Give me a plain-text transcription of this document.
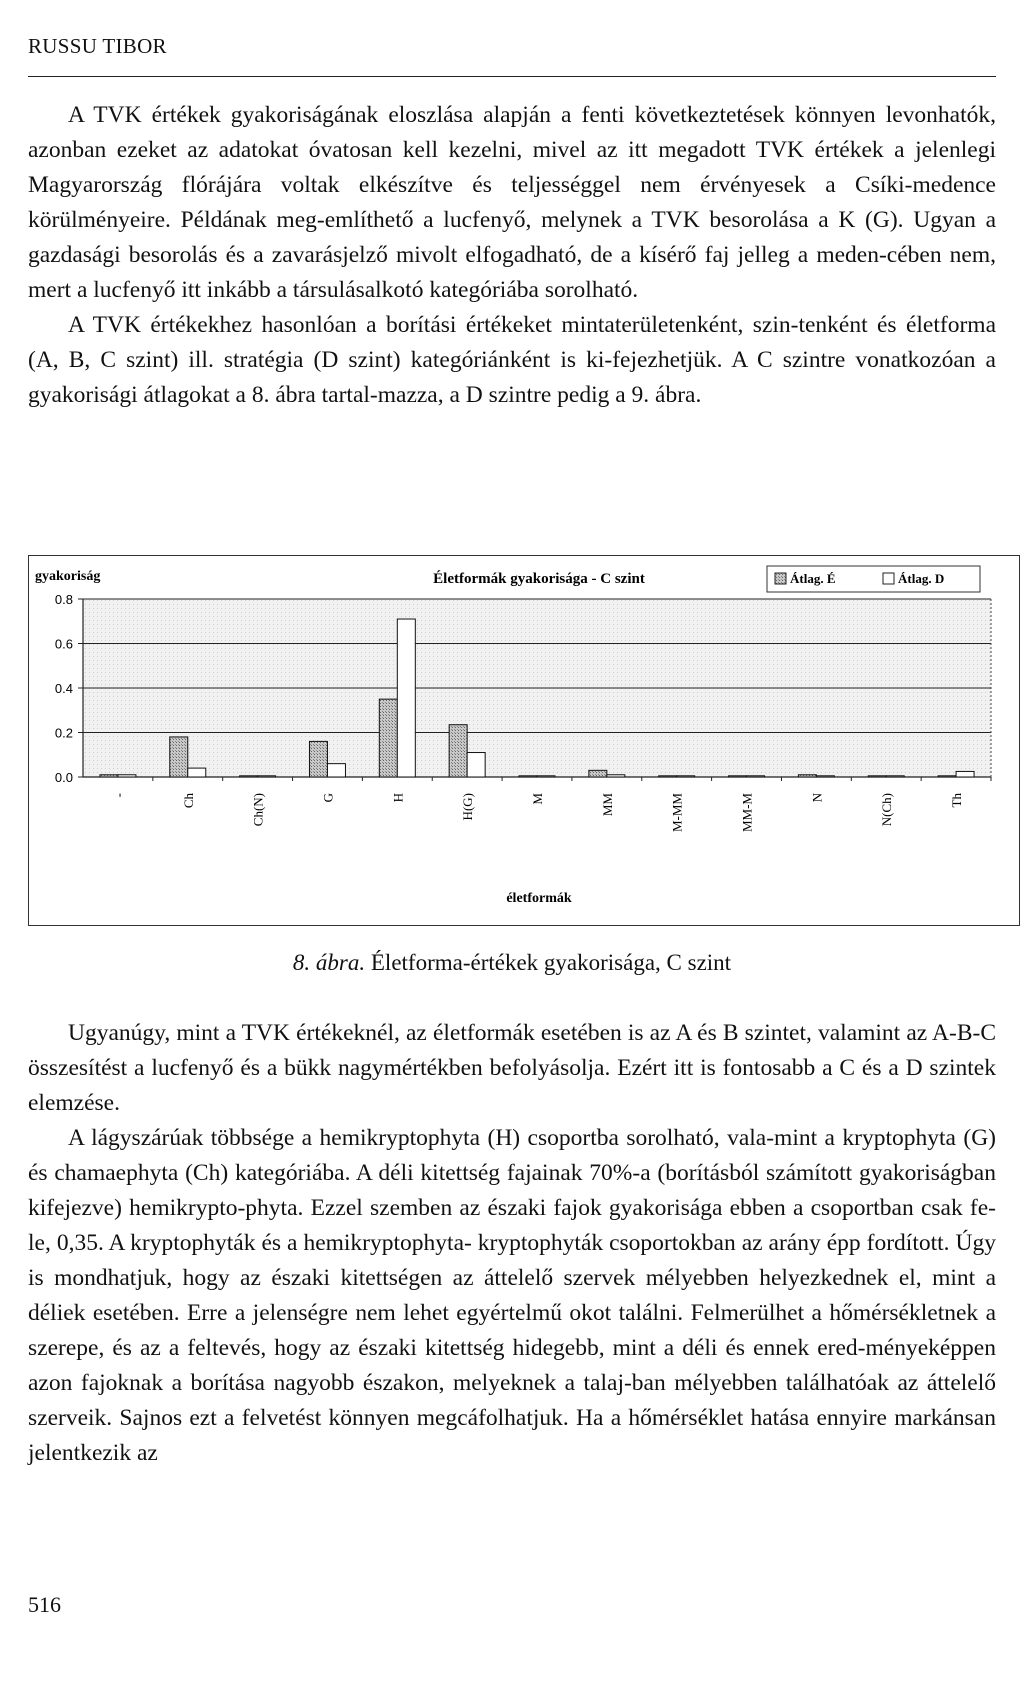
RUSSU TIBOR

A TVK értékek gyakoriságának eloszlása alapján a fenti következtetések könnyen levonhatók, azonban ezeket az adatokat óvatosan kell kezelni, mivel az itt megadott TVK értékek a jelenlegi Magyarország flórájára voltak elkészítve és teljességgel nem érvényesek a Csíki-medence körülményeire. Példának meg-említhető a lucfenyő, melynek a TVK besorolása a K (G). Ugyan a gazdasági besorolás és a zavarásjelző mivolt elfogadható, de a kísérő faj jelleg a meden-cében nem, mert a lucfenyő itt inkább a társulásalkotó kategóriába sorolható.

A TVK értékekhez hasonlóan a borítási értékeket mintaterületenként, szin-tenként és életforma (A, B, C szint) ill. stratégia (D szint) kategóriánként is ki-fejezhetjük. A C szintre vonatkozóan a gyakorisági átlagokat a 8. ábra tartal-mazza, a D szintre pedig a 9. ábra.

gyakoriság	Életformák gyakorisága - C szint	Átlag. É	Átlag. D
0.0
0.2
0.4
0.6
0.8
-	Ch	Ch(N)	G	H	H(G)	M	MM	M-MM	MM-M	N	N(Ch)	Th
életformák
8. ábra. Életforma-értékek gyakorisága, C szint

Ugyanúgy, mint a TVK értékeknél, az életformák esetében is az A és B szintet, valamint az A-B-C összesítést a lucfenyő és a bükk nagymértékben befolyásolja. Ezért itt is fontosabb a C és a D szintek elemzése.

A lágyszárúak többsége a hemikryptophyta (H) csoportba sorolható, vala-mint a kryptophyta (G) és chamaephyta (Ch) kategóriába. A déli kitettség fajainak 70%-a (borításból számított gyakoriságban kifejezve) hemikrypto-phyta. Ezzel szemben az északi fajok gyakorisága ebben a csoportban csak fe-le, 0,35. A kryptophyták és a hemikryptophyta- kryptophyták csoportokban az arány épp fordított. Úgy is mondhatjuk, hogy az északi kitettségen az áttelelő szervek mélyebben helyezkednek el, mint a déliek esetében. Erre a jelenségre nem lehet egyértelmű okot találni. Felmerülhet a hőmérsékletnek a szerepe, és az a feltevés, hogy az északi kitettség hidegebb, mint a déli és ennek ered-ményeképpen azon fajoknak a borítása nagyobb északon, melyeknek a talaj-ban mélyebben találhatóak az áttelelő szerveik. Sajnos ezt a felvetést könnyen megcáfolhatjuk. Ha a hőmérséklet hatása ennyire markánsan jelentkezik az

516
